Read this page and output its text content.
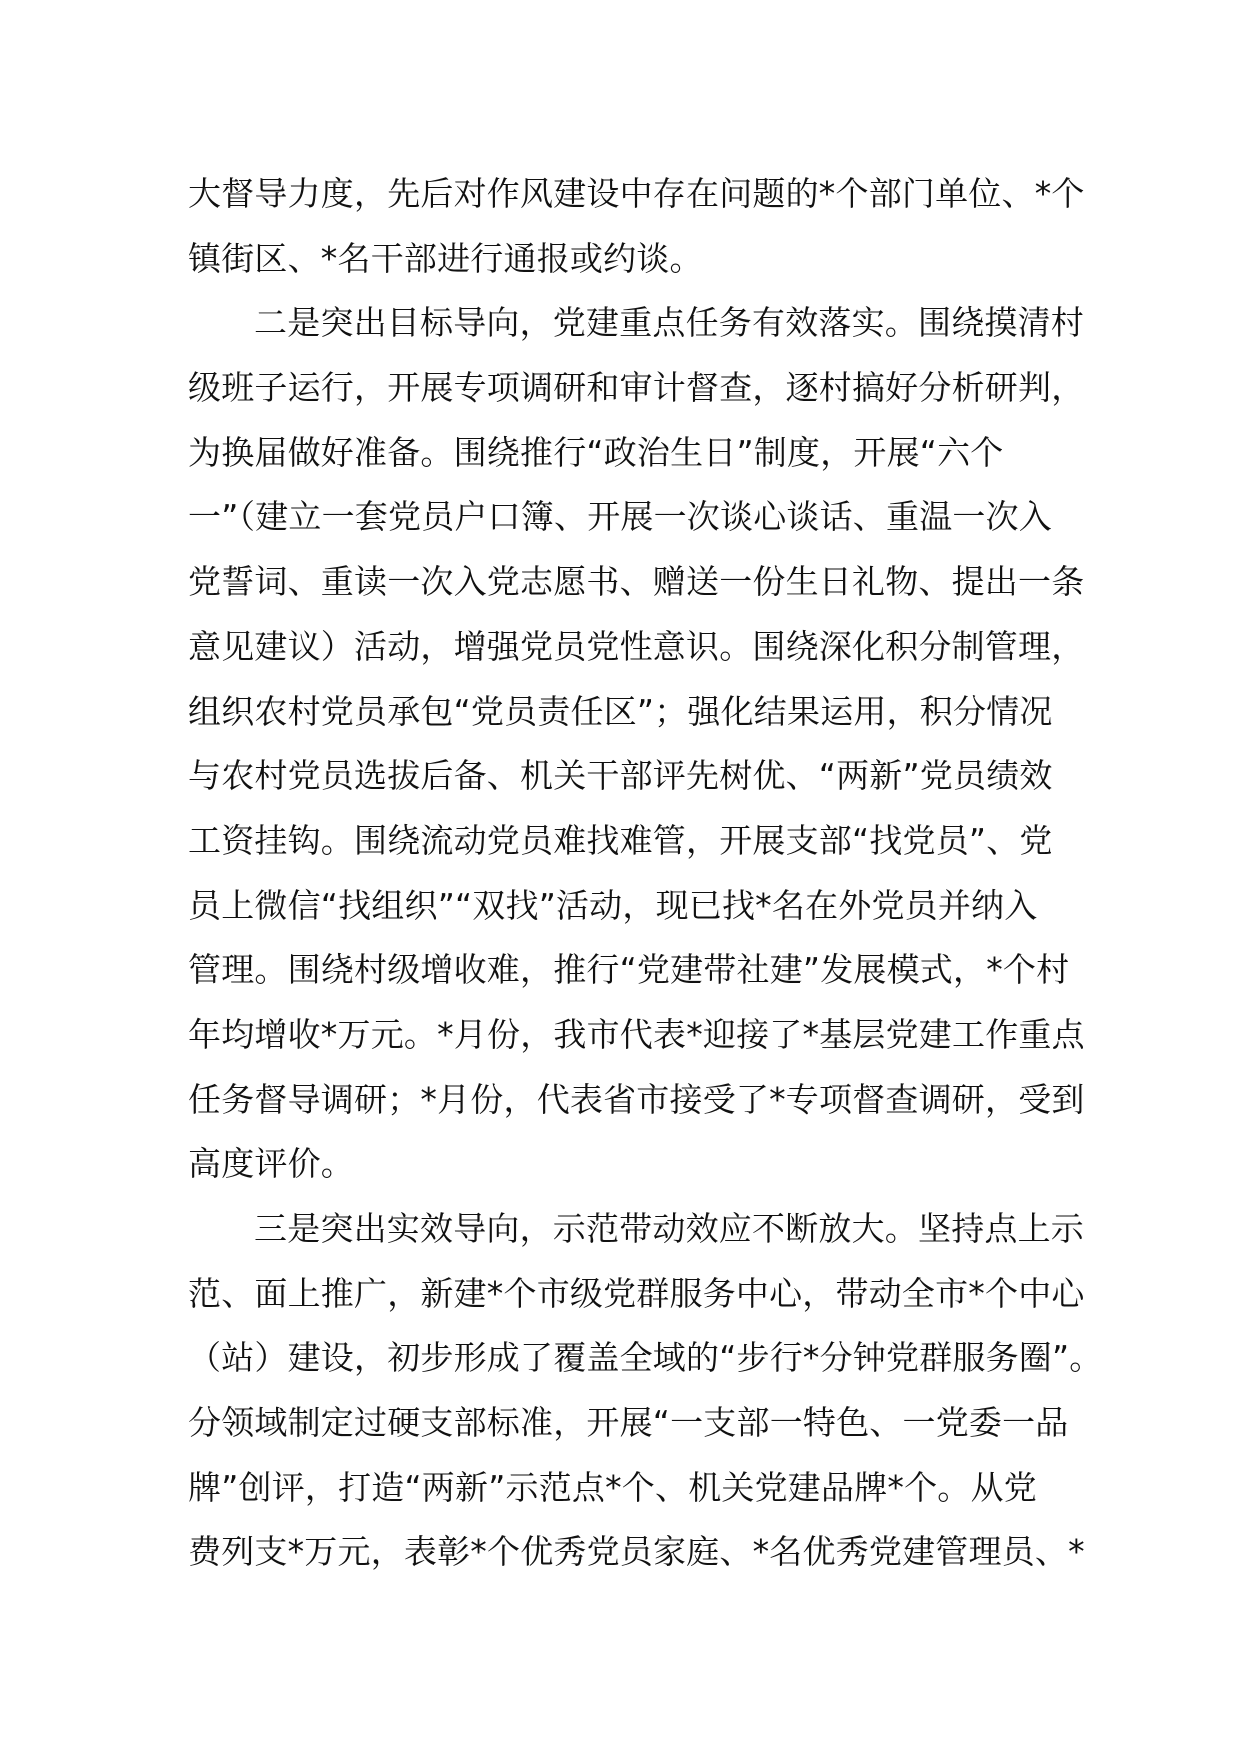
大督导力度，先后对作风建设中存在问题的*个部门单位、*个
镇街区、*名干部进行通报或约谈。
二是突出目标导向，党建重点任务有效落实。围绕摸清村
级班子运行，开展专项调研和审计督查，逐村搞好分析研判，
为换届做好准备。围绕推行“政治生日”制度，开展“六个
一”（建立一套党员户口簿、开展一次谈心谈话、重温一次入
党誓词、重读一次入党志愿书、赠送一份生日礼物、提出一条
意见建议）活动，增强党员党性意识。围绕深化积分制管理，
组织农村党员承包“党员责任区”；强化结果运用，积分情况
与农村党员选拔后备、机关干部评先树优、“两新”党员绩效
工资挂钩。围绕流动党员难找难管，开展支部“找党员”、党
员上微信“找组织”“双找”活动，现已找*名在外党员并纳入
管理。围绕村级增收难，推行“党建带社建”发展模式，*个村
年均增收*万元。*月份，我市代表*迎接了*基层党建工作重点
任务督导调研；*月份，代表省市接受了*专项督查调研，受到
高度评价。
三是突出实效导向，示范带动效应不断放大。坚持点上示
范、面上推广，新建*个市级党群服务中心，带动全市*个中心
（站）建设，初步形成了覆盖全域的“步行*分钟党群服务圈”。
分领域制定过硬支部标准，开展“一支部一特色、一党委一品
牌”创评，打造“两新”示范点*个、机关党建品牌*个。从党
费列支*万元，表彰*个优秀党员家庭、*名优秀党建管理员、*
